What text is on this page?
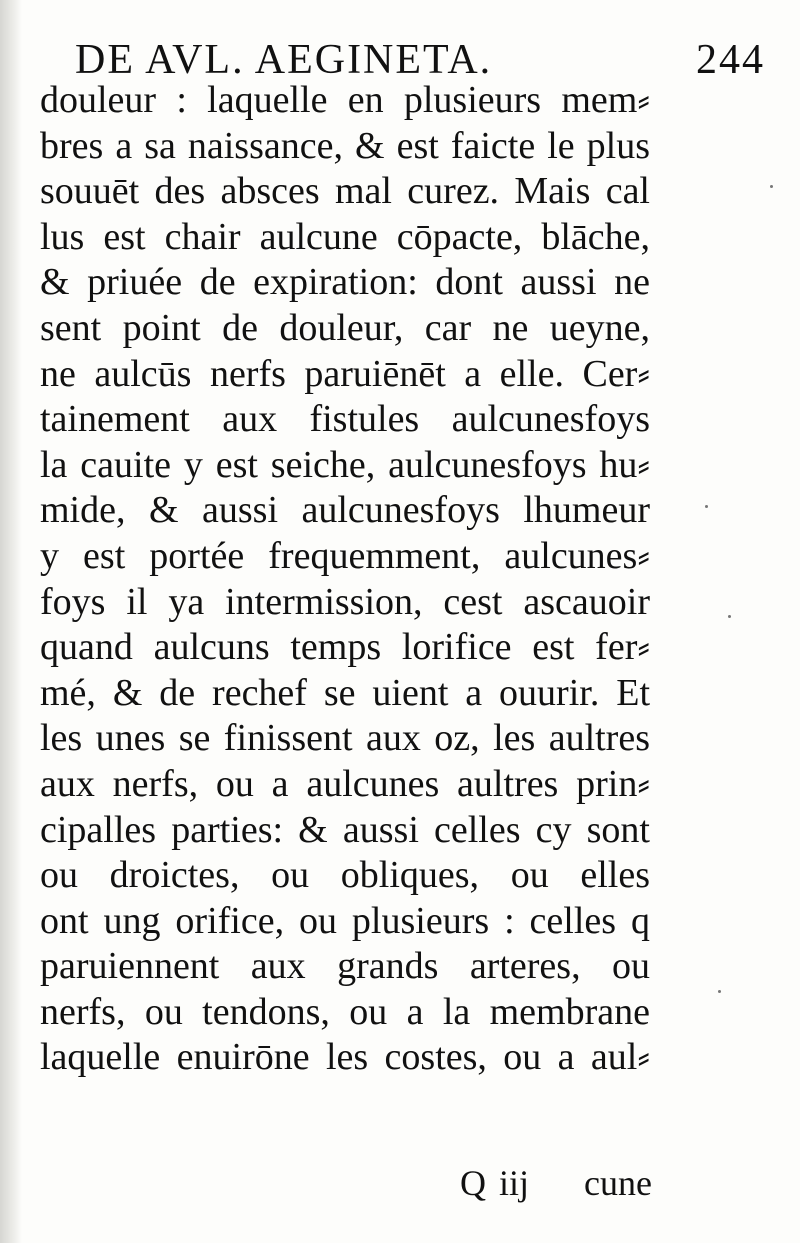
DE AVL. AEGINETA.	244
douleur : laquelle en plusieurs mem⸗
bres a sa naissance, & est faicte le plus
souuēt des absces mal curez. Mais cal
lus est chair aulcune cōpacte, blāche,
& priuée de expiration: dont aussi ne
sent point de douleur, car ne ueyne,
ne aulcūs nerfs paruiēnēt a elle. Cer⸗
tainement aux fistules aulcunesfoys
la cauite y est seiche, aulcunesfoys hu⸗
mide, & aussi aulcunesfoys lhumeur
y est portée frequemment, aulcunes⸗
foys il ya intermission, cest ascauoir
quand aulcuns temps lorifice est fer⸗
mé, & de rechef se uient a ouurir. Et
les unes se finissent aux oz, les aultres
aux nerfs, ou a aulcunes aultres prin⸗
cipalles parties: & aussi celles cy sont
ou droictes, ou obliques, ou elles
ont ung orifice, ou plusieurs : celles q
paruiennent aux grands arteres, ou
nerfs, ou tendons, ou a la membrane
laquelle enuirōne les costes, ou a aul⸗
Q iij cune
